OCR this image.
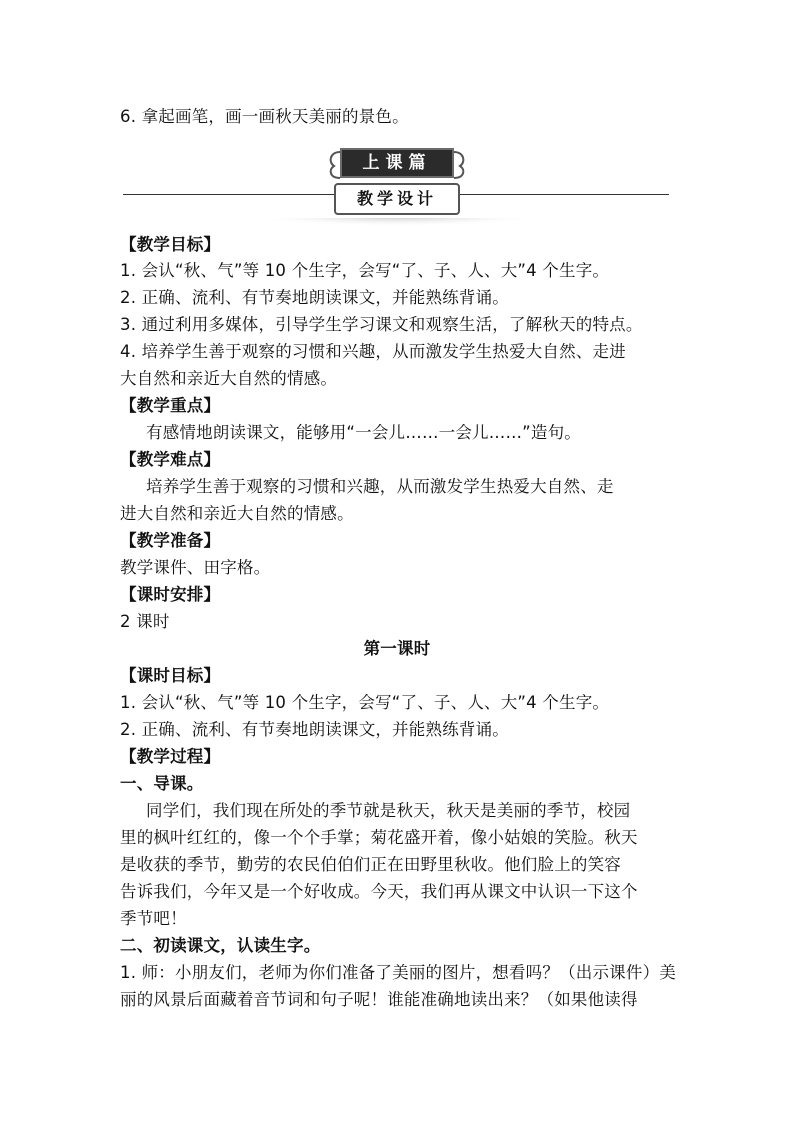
6. 拿起画笔，画一画秋天美丽的景色。
上课篇
教学设计
【教学目标】
1. 会认“秋、气”等 10 个生字，会写“了、子、人、大”4 个生字。
2. 正确、流利、有节奏地朗读课文，并能熟练背诵。
3. 通过利用多媒体，引导学生学习课文和观察生活，了解秋天的特点。
4. 培养学生善于观察的习惯和兴趣，从而激发学生热爱大自然、走进
大自然和亲近大自然的情感。
【教学重点】
有感情地朗读课文，能够用“一会儿……一会儿……”造句。
【教学难点】
培养学生善于观察的习惯和兴趣，从而激发学生热爱大自然、走
进大自然和亲近大自然的情感。
【教学准备】
教学课件、田字格。
【课时安排】
2 课时
第一课时
【课时目标】
1. 会认“秋、气”等 10 个生字，会写“了、子、人、大”4 个生字。
2. 正确、流利、有节奏地朗读课文，并能熟练背诵。
【教学过程】
一、导课。
同学们，我们现在所处的季节就是秋天，秋天是美丽的季节，校园
里的枫叶红红的，像一个个手掌；菊花盛开着，像小姑娘的笑脸。秋天
是收获的季节，勤劳的农民伯伯们正在田野里秋收。他们脸上的笑容
告诉我们，今年又是一个好收成。今天，我们再从课文中认识一下这个
季节吧！
二、初读课文，认读生字。
1. 师：小朋友们，老师为你们准备了美丽的图片，想看吗？（出示课件）美
丽的风景后面藏着音节词和句子呢！谁能准确地读出来？（如果他读得
